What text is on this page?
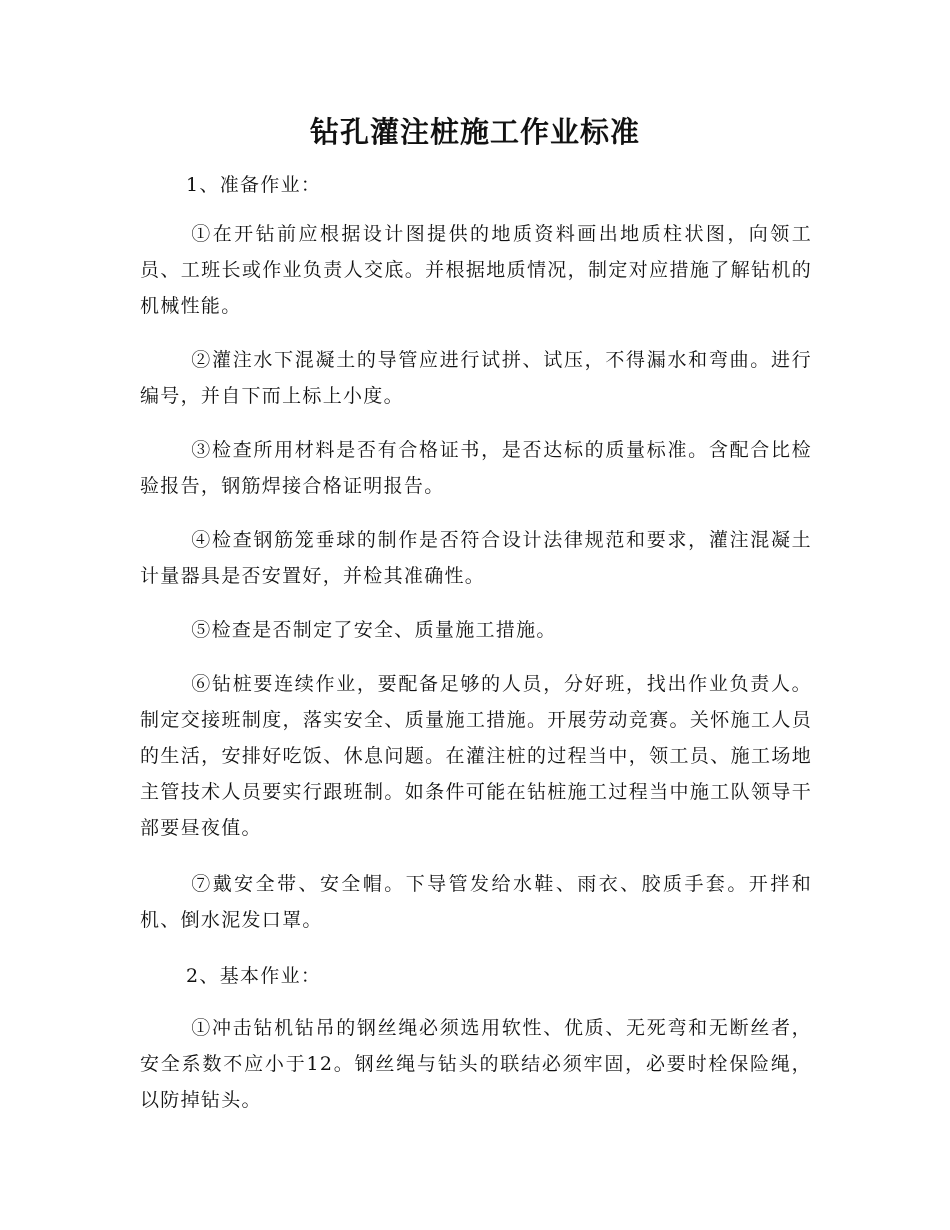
钻孔灌注桩施工作业标准
1、准备作业：
①在开钻前应根据设计图提供的地质资料画出地质柱状图，向领工员、工班长或作业负责人交底。并根据地质情况，制定对应措施了解钻机的机械性能。
②灌注水下混凝土的导管应进行试拼、试压，不得漏水和弯曲。进行编号，并自下而上标上小度。
③检查所用材料是否有合格证书，是否达标的质量标准。含配合比检验报告，钢筋焊接合格证明报告。
④检查钢筋笼垂球的制作是否符合设计法律规范和要求，灌注混凝土计量器具是否安置好，并检其准确性。
⑤检查是否制定了安全、质量施工措施。
⑥钻桩要连续作业，要配备足够的人员，分好班，找出作业负责人。制定交接班制度，落实安全、质量施工措施。开展劳动竞赛。关怀施工人员的生活，安排好吃饭、休息问题。在灌注桩的过程当中，领工员、施工场地主管技术人员要实行跟班制。如条件可能在钻桩施工过程当中施工队领导干部要昼夜值。
⑦戴安全带、安全帽。下导管发给水鞋、雨衣、胶质手套。开拌和机、倒水泥发口罩。
2、基本作业：
①冲击钻机钻吊的钢丝绳必须选用软性、优质、无死弯和无断丝者，安全系数不应小于12。钢丝绳与钻头的联结必须牢固，必要时栓保险绳，以防掉钻头。
